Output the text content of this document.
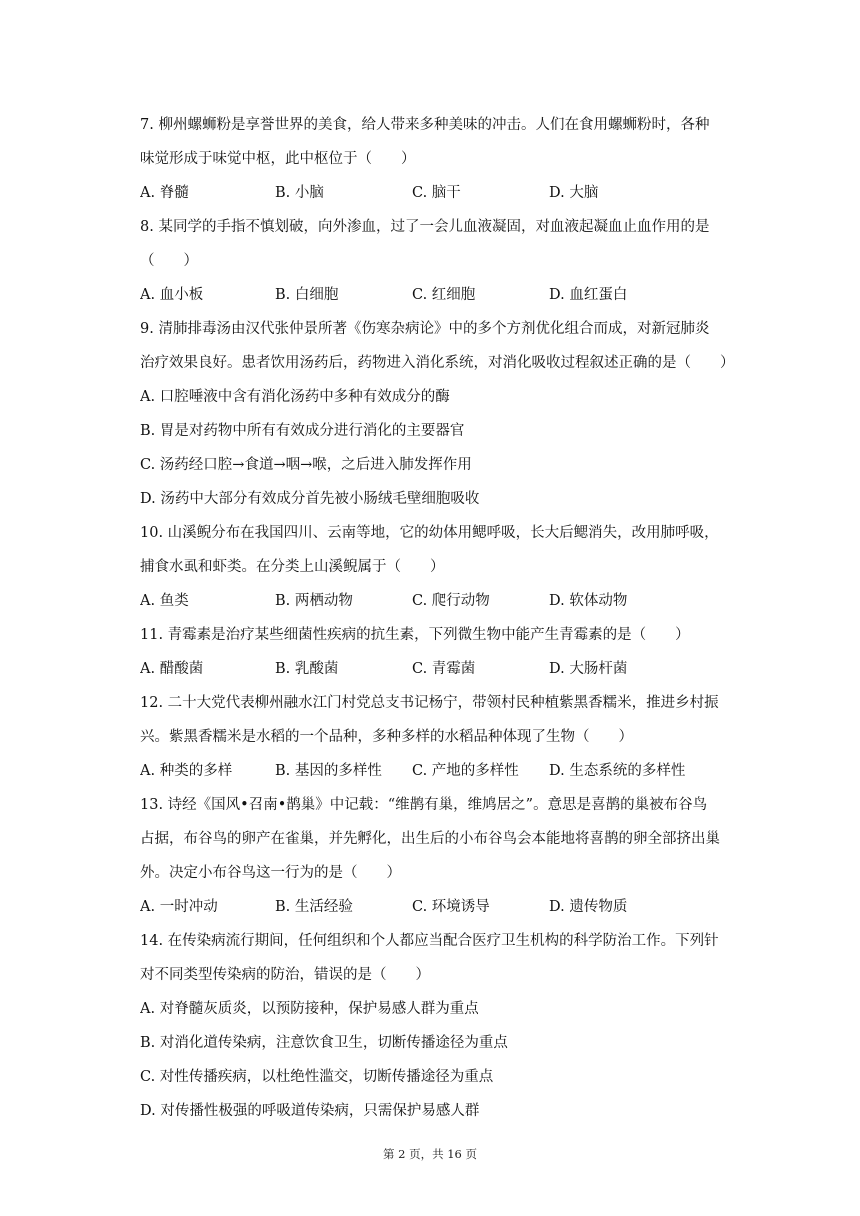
7. 柳州螺蛳粉是享誉世界的美食，给人带来多种美味的冲击。人们在食用螺蛳粉时，各种
味觉形成于味觉中枢，此中枢位于（　　）
A. 脊髓	B. 小脑	C. 脑干	D. 大脑
8. 某同学的手指不慎划破，向外渗血，过了一会儿血液凝固，对血液起凝血止血作用的是
（　　）
A. 血小板	B. 白细胞	C. 红细胞	D. 血红蛋白
9. 清肺排毒汤由汉代张仲景所著《伤寒杂病论》中的多个方剂优化组合而成，对新冠肺炎
治疗效果良好。患者饮用汤药后，药物进入消化系统，对消化吸收过程叙述正确的是（　　）
A. 口腔唾液中含有消化汤药中多种有效成分的酶
B. 胃是对药物中所有有效成分进行消化的主要器官
C. 汤药经口腔→食道→咽→喉，之后进入肺发挥作用
D. 汤药中大部分有效成分首先被小肠绒毛壁细胞吸收
10. 山溪鲵分布在我国四川、云南等地，它的幼体用鳃呼吸，长大后鳃消失，改用肺呼吸，
捕食水虱和虾类。在分类上山溪鲵属于（　　）
A. 鱼类	B. 两栖动物	C. 爬行动物	D. 软体动物
11. 青霉素是治疗某些细菌性疾病的抗生素，下列微生物中能产生青霉素的是（　　）
A. 醋酸菌	B. 乳酸菌	C. 青霉菌	D. 大肠杆菌
12. 二十大党代表柳州融水江门村党总支书记杨宁，带领村民种植紫黑香糯米，推进乡村振
兴。紫黑香糯米是水稻的一个品种，多种多样的水稻品种体现了生物（　　）
A. 种类的多样	B. 基因的多样性	C. 产地的多样性	D. 生态系统的多样性
13. 诗经《国风•召南•鹊巢》中记载：“维鹊有巢，维鸠居之”。意思是喜鹊的巢被布谷鸟
占据，布谷鸟的卵产在雀巢，并先孵化，出生后的小布谷鸟会本能地将喜鹊的卵全部挤出巢
外。决定小布谷鸟这一行为的是（　　）
A. 一时冲动	B. 生活经验	C. 环境诱导	D. 遗传物质
14. 在传染病流行期间，任何组织和个人都应当配合医疗卫生机构的科学防治工作。下列针
对不同类型传染病的防治，错误的是（　　）
A. 对脊髓灰质炎，以预防接种，保护易感人群为重点
B. 对消化道传染病，注意饮食卫生，切断传播途径为重点
C. 对性传播疾病，以杜绝性滥交，切断传播途径为重点
D. 对传播性极强的呼吸道传染病，只需保护易感人群
第 2 页，共 16 页
